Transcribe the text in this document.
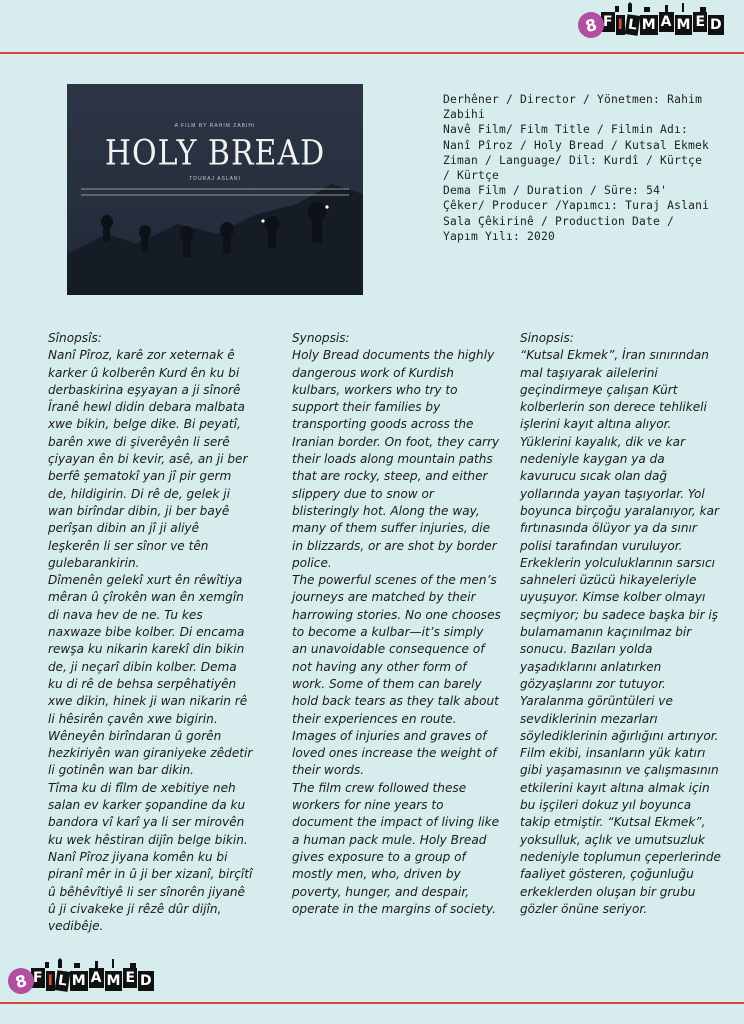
8 F I L M A M E D
A FILM BY RAHIM ZABIHI
HOLY BREAD
TOURAJ ASLANI
Derhêner / Director / Yönetmen: Rahim Zabihi
Navê Film/ Film Title / Filmin Adı: Nanî Pîroz / Holy Bread / Kutsal Ekmek
Ziman / Language/ Dil: Kurdî / Kürtçe / Kürtçe
Dema Film / Duration / Süre: 54'
Çêker/ Producer /Yapımcı: Turaj Aslani
Sala Çêkirinê / Production Date / Yapım Yılı: 2020

Sînopsîs:

Nanî Pîroz, karê zor xeternak ê karker û kolberên Kurd ên ku bi derbaskirina eşyayan a ji sînorê Îranê hewl didin debara malbata xwe bikin, belge dike. Bi peyatî, barên xwe di şiverêyên li serê çiyayan ên bi kevir, asê, an ji ber berfê şematokî yan jî pir germ de, hildigirin. Di rê de, gelek ji wan birîndar dibin, ji ber bayê perîşan dibin an jî ji aliyê leşkerên li ser sînor ve tên gulebarankirin.

Dîmenên gelekî xurt ên rêwîtiya mêran û çîrokên wan ên xemgîn di nava hev de ne. Tu kes naxwaze bibe kolber. Di encama rewşa ku nikarin karekî din bikin de, ji neçarî dibin kolber. Dema ku di rê de behsa serpêhatiyên xwe dikin, hinek ji wan nikarin rê li hêsirên çavên xwe bigirin. Wêneyên birîndaran û gorên hezkiriyên wan giraniyeke zêdetir li gotinên wan bar dikin.

Tîma ku di fîlm de xebitiye neh salan ev karker şopandine da ku bandora vî karî ya li ser mirovên ku wek hêstiran dijîn belge bikin. Nanî Pîroz jiyana komên ku bi piranî mêr in û ji ber xizanî, birçîtî û bêhêvîtiyê li ser sînorên jiyanê û ji civakeke ji rêzê dûr dijîn, vedibêje.

Synopsis:

Holy Bread documents the highly dangerous work of Kurdish kulbars, workers who try to support their families by transporting goods across the Iranian border. On foot, they carry their loads along mountain paths that are rocky, steep, and either slippery due to snow or blisteringly hot. Along the way, many of them suffer injuries, die in blizzards, or are shot by border police.

The powerful scenes of the men’s journeys are matched by their harrowing stories. No one chooses to become a kulbar—it’s simply an unavoidable consequence of not having any other form of work. Some of them can barely hold back tears as they talk about their experiences en route. Images of injuries and graves of loved ones increase the weight of their words.

The film crew followed these workers for nine years to document the impact of living like a human pack mule. Holy Bread gives exposure to a group of mostly men, who, driven by poverty, hunger, and despair, operate in the margins of society.

Sinopsis:

“Kutsal Ekmek”, İran sınırından mal taşıyarak ailelerini geçindirmeye çalışan Kürt kolberlerin son derece tehlikeli işlerini kayıt altına alıyor. Yüklerini kayalık, dik ve kar nedeniyle kaygan ya da kavurucu sıcak olan dağ yollarında yayan taşıyorlar. Yol boyunca birçoğu yaralanıyor, kar fırtınasında ölüyor ya da sınır polisi tarafından vuruluyor.

Erkeklerin yolculuklarının sarsıcı sahneleri üzücü hikayeleriyle uyuşuyor. Kimse kolber olmayı seçmiyor; bu sadece başka bir iş bulamamanın kaçınılmaz bir sonucu. Bazıları yolda yaşadıklarını anlatırken gözyaşlarını zor tutuyor. Yaralanma görüntüleri ve sevdiklerinin mezarları söylediklerinin ağırlığını artırıyor.

Film ekibi, insanların yük katırı gibi yaşamasının ve çalışmasının etkilerini kayıt altına almak için bu işçileri dokuz yıl boyunca takip etmiştir. “Kutsal Ekmek”, yoksulluk, açlık ve umutsuzluk nedeniyle toplumun çeperlerinde faaliyet gösteren, çoğunluğu erkeklerden oluşan bir grubu gözler önüne seriyor.

8 F I L M A M E D
